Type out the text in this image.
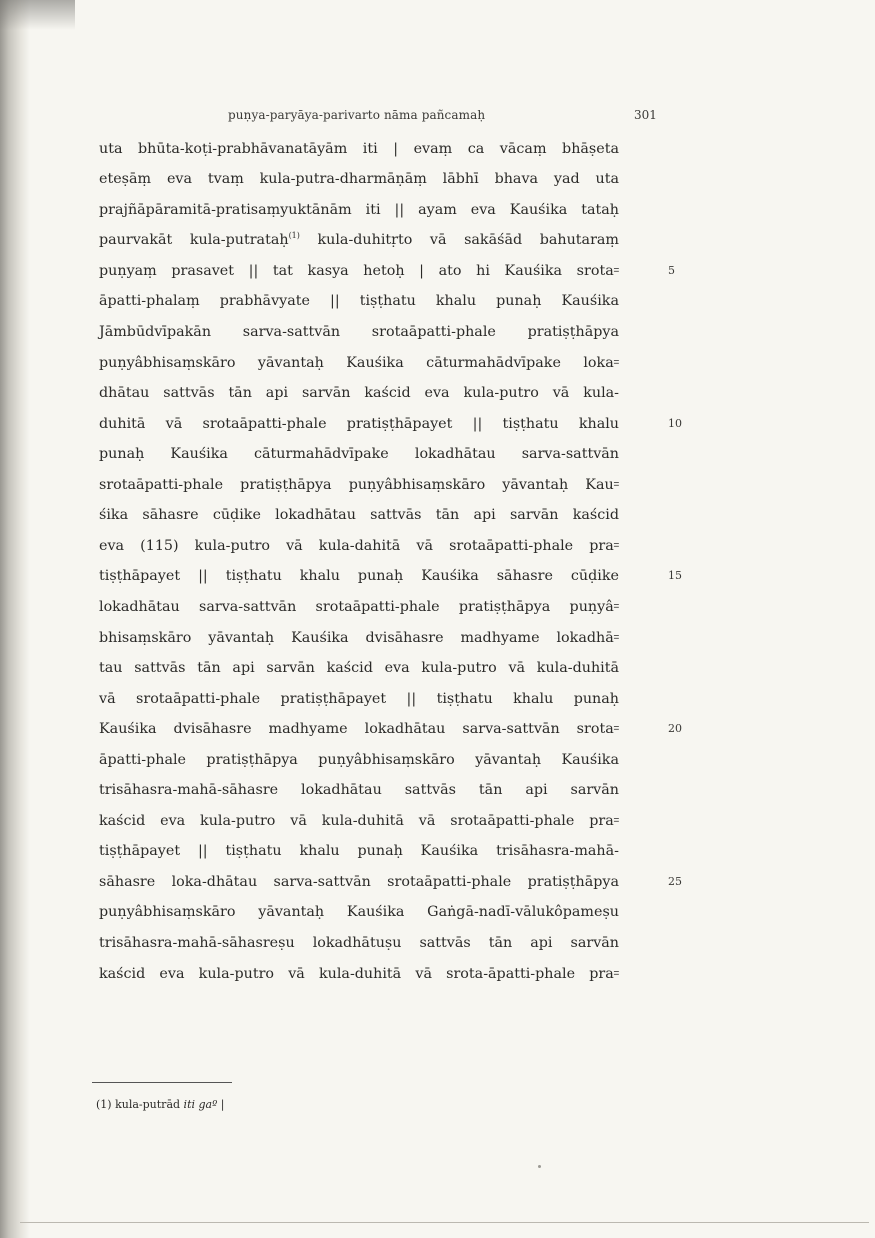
puṇya-paryāya-parivarto nāma pañcamaḥ	301
uta bhūta-koṭi-prabhāvanatāyām iti | evaṃ ca vācaṃ bhāṣeta
eteṣāṃ eva tvaṃ kula-putra-dharmāṇāṃ lābhī bhava yad uta
prajñāpāramitā-pratisaṃyuktānām iti || ayam eva Kauśika tataḥ
paurvakāt kula-putrataḥ$^{(1)}$ kula-duhitṛto vā sakāśād bahutaraṃ
puṇyaṃ prasavet || tat kasya hetoḥ | ato hi Kauśika srota꞊
āpatti-phalaṃ prabhāvyate || tiṣṭhatu khalu punaḥ Kauśika
Jāmbūdvīpakān sarva-sattvān srotaāpatti-phale pratiṣṭhāpya
puṇyâbhisaṃskāro yāvantaḥ Kauśika cāturmahādvīpake loka꞊
dhātau sattvās tān api sarvān kaścid eva kula-putro vā kula-
duhitā vā srotaāpatti-phale pratiṣṭhāpayet || tiṣṭhatu khalu
punaḥ Kauśika cāturmahādvīpake lokadhātau sarva-sattvān
srotaāpatti-phale pratiṣṭhāpya puṇyâbhisaṃskāro yāvantaḥ Kau꞊
śika sāhasre cūḍike lokadhātau sattvās tān api sarvān kaścid
eva (115) kula-putro vā kula-dahitā vā srotaāpatti-phale pra꞊
tiṣṭhāpayet || tiṣṭhatu khalu punaḥ Kauśika sāhasre cūḍike
lokadhātau sarva-sattvān srotaāpatti-phale pratiṣṭhāpya puṇyâ꞊
bhisaṃskāro yāvantaḥ Kauśika dvisāhasre madhyame lokadhā꞊
tau sattvās tān api sarvān kaścid eva kula-putro vā kula-duhitā
vā srotaāpatti-phale pratiṣṭhāpayet || tiṣṭhatu khalu punaḥ
Kauśika dvisāhasre madhyame lokadhātau sarva-sattvān srota꞊
āpatti-phale pratiṣṭhāpya puṇyâbhisaṃskāro yāvantaḥ Kauśika
trisāhasra-mahā-sāhasre lokadhātau sattvās tān api sarvān
kaścid eva kula-putro vā kula-duhitā vā srotaāpatti-phale pra꞊
tiṣṭhāpayet || tiṣṭhatu khalu punaḥ Kauśika trisāhasra-mahā-
sāhasre loka-dhātau sarva-sattvān srotaāpatti-phale pratiṣṭhāpya
puṇyâbhisaṃskāro yāvantaḥ Kauśika Gaṅgā-nadī-vālukôpameṣu
trisāhasra-mahā-sāhasreṣu lokadhātuṣu sattvās tān api sarvān
kaścid eva kula-putro vā kula-duhitā vā srota-āpatti-phale pra꞊
5
10
15
20
25
(1) kula-putrād iti gaº |
